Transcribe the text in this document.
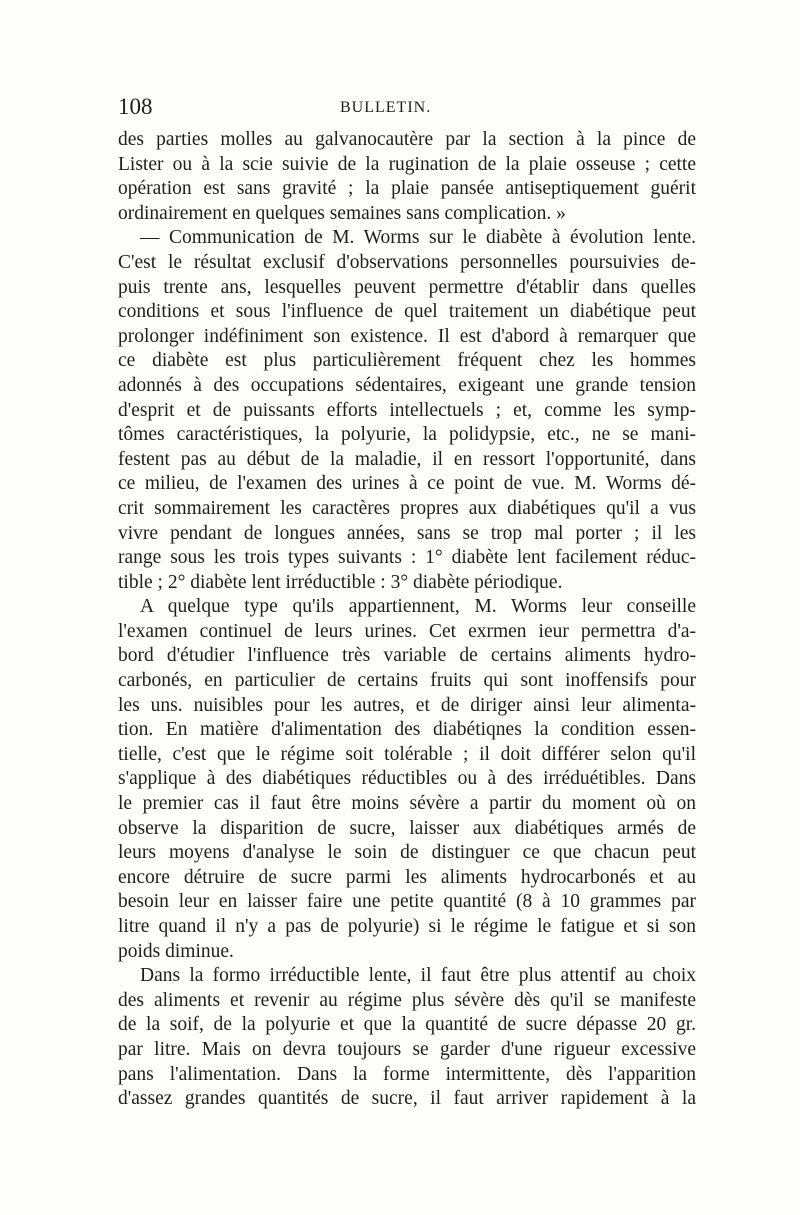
108	BULLETIN.
des parties molles au galvanocautère par la section à la pince de
Lister ou à la scie suivie de la rugination de la plaie osseuse ; cette
opération est sans gravité ; la plaie pansée antiseptiquement guérit
ordinairement en quelques semaines sans complication. »
— Communication de M. Worms sur le diabète à évolution lente.
C'est le résultat exclusif d'observations personnelles poursuivies de-
puis trente ans, lesquelles peuvent permettre d'établir dans quelles
conditions et sous l'influence de quel traitement un diabétique peut
prolonger indéfiniment son existence. Il est d'abord à remarquer que
ce diabète est plus particulièrement fréquent chez les hommes
adonnés à des occupations sédentaires, exigeant une grande tension
d'esprit et de puissants efforts intellectuels ; et, comme les symp-
tômes caractéristiques, la polyurie, la polidypsie, etc., ne se mani-
festent pas au début de la maladie, il en ressort l'opportunité, dans
ce milieu, de l'examen des urines à ce point de vue. M. Worms dé-
crit sommairement les caractères propres aux diabétiques qu'il a vus
vivre pendant de longues années, sans se trop mal porter ; il les
range sous les trois types suivants : 1° diabète lent facilement réduc-
tible ; 2° diabète lent irréductible : 3° diabète périodique.
A quelque type qu'ils appartiennent, M. Worms leur conseille
l'examen continuel de leurs urines. Cet exrmen ieur permettra d'a-
bord d'étudier l'influence très variable de certains aliments hydro-
carbonés, en particulier de certains fruits qui sont inoffensifs pour
les uns. nuisibles pour les autres, et de diriger ainsi leur alimenta-
tion. En matière d'alimentation des diabétiqnes la condition essen-
tielle, c'est que le régime soit tolérable ; il doit différer selon qu'il
s'applique à des diabétiques réductibles ou à des irréduétibles. Dans
le premier cas il faut être moins sévère a partir du moment où on
observe la disparition de sucre, laisser aux diabétiques armés de
leurs moyens d'analyse le soin de distinguer ce que chacun peut
encore détruire de sucre parmi les aliments hydrocarbonés et au
besoin leur en laisser faire une petite quantité (8 à 10 grammes par
litre quand il n'y a pas de polyurie) si le régime le fatigue et si son
poids diminue.
Dans la formo irréductible lente, il faut être plus attentif au choix
des aliments et revenir au régime plus sévère dès qu'il se manifeste
de la soif, de la polyurie et que la quantité de sucre dépasse 20 gr.
par litre. Mais on devra toujours se garder d'une rigueur excessive
pans l'alimentation. Dans la forme intermittente, dès l'apparition
d'assez grandes quantités de sucre, il faut arriver rapidement à la
